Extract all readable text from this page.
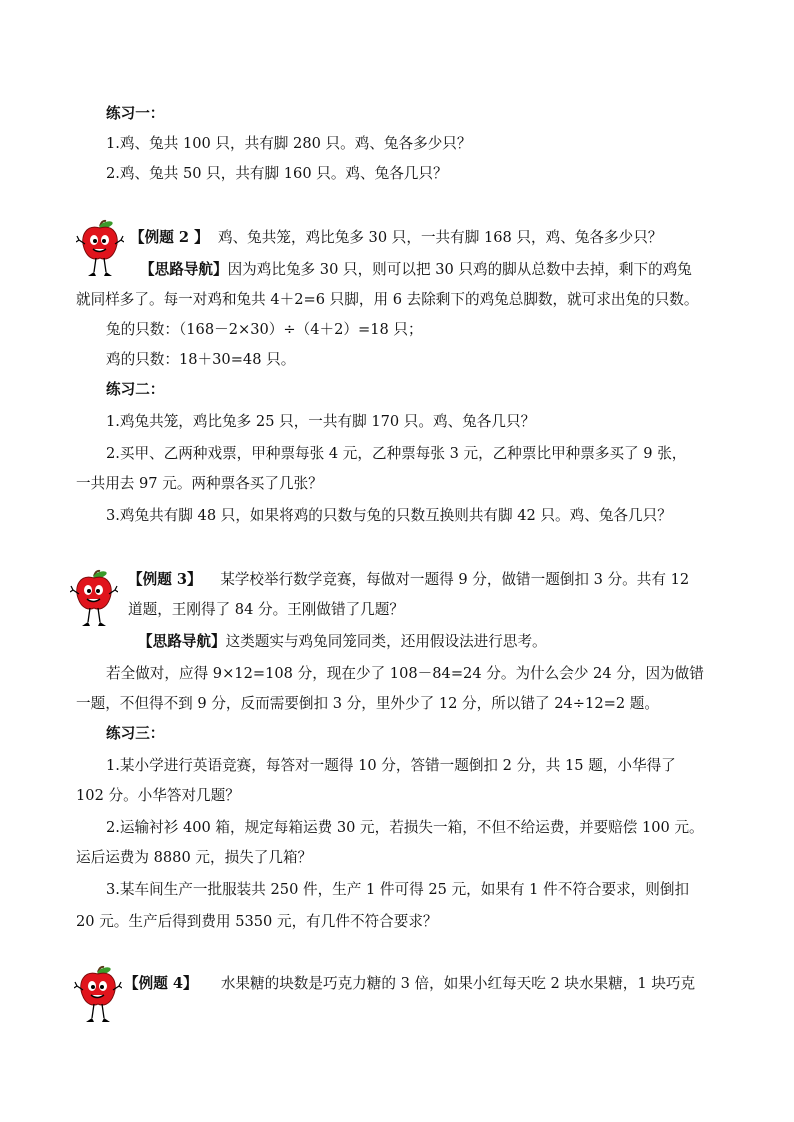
练习一：
1.鸡、兔共 100 只，共有脚 280 只。鸡、兔各多少只？
2.鸡、兔共 50 只，共有脚 160 只。鸡、兔各几只？
【例题 2 】 鸡、兔共笼，鸡比兔多 30 只，一共有脚 168 只，鸡、兔各多少只？
【思路导航】因为鸡比兔多 30 只，则可以把 30 只鸡的脚从总数中去掉，剩下的鸡兔
就同样多了。每一对鸡和兔共 4＋2=6 只脚，用 6 去除剩下的鸡兔总脚数，就可求出兔的只数。
兔的只数：（168－2×30）÷（4＋2）=18 只；
鸡的只数：18＋30=48 只。
练习二：
1.鸡兔共笼，鸡比兔多 25 只，一共有脚 170 只。鸡、兔各几只？
2.买甲、乙两种戏票，甲种票每张 4 元，乙种票每张 3 元，乙种票比甲种票多买了 9 张，
一共用去 97 元。两种票各买了几张？
3.鸡兔共有脚 48 只，如果将鸡的只数与兔的只数互换则共有脚 42 只。鸡、兔各几只？
【例题 3】 某学校举行数学竞赛，每做对一题得 9 分，做错一题倒扣 3 分。共有 12
道题，王刚得了 84 分。王刚做错了几题？
【思路导航】这类题实与鸡兔同笼同类，还用假设法进行思考。
若全做对，应得 9×12=108 分，现在少了 108－84=24 分。为什么会少 24 分，因为做错
一题，不但得不到 9 分，反而需要倒扣 3 分，里外少了 12 分，所以错了 24÷12=2 题。
练习三：
1.某小学进行英语竞赛，每答对一题得 10 分，答错一题倒扣 2 分，共 15 题，小华得了
102 分。小华答对几题？
2.运输衬衫 400 箱，规定每箱运费 30 元，若损失一箱，不但不给运费，并要赔偿 100 元。
运后运费为 8880 元，损失了几箱？
3.某车间生产一批服装共 250 件，生产 1 件可得 25 元，如果有 1 件不符合要求，则倒扣
20 元。生产后得到费用 5350 元，有几件不符合要求？
【例题 4】 水果糖的块数是巧克力糖的 3 倍，如果小红每天吃 2 块水果糖，1 块巧克
